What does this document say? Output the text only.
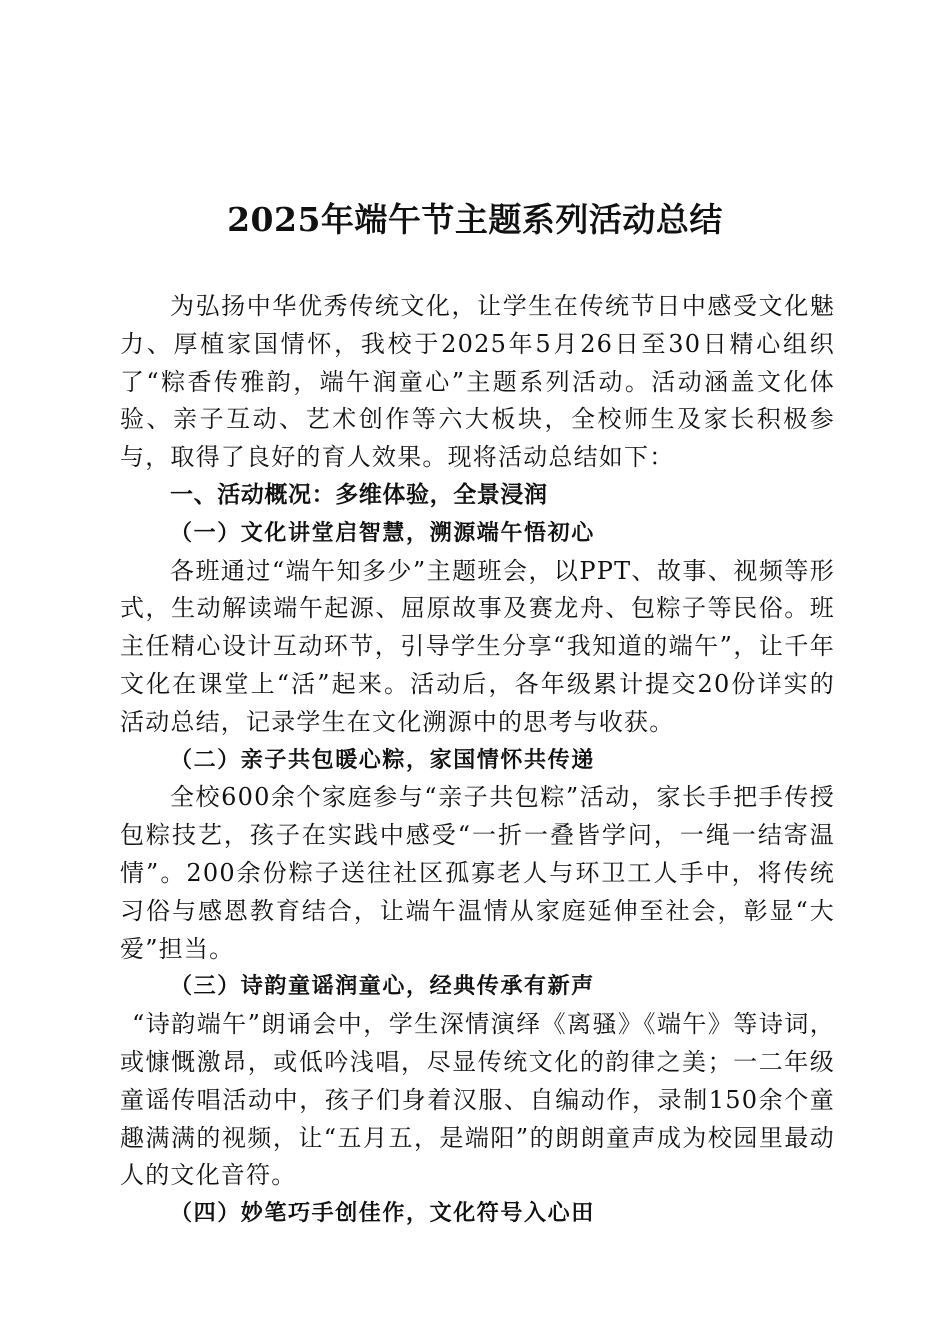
2025年端午节主题系列活动总结

为弘扬中华优秀传统文化，让学生在传统节日中感受文化魅力、厚植家国情怀，我校于2025年5月26日至30日精心组织了“粽香传雅韵，端午润童心”主题系列活动。活动涵盖文化体验、亲子互动、艺术创作等六大板块，全校师生及家长积极参与，取得了良好的育人效果。现将活动总结如下：

一、活动概况：多维体验，全景浸润

（一）文化讲堂启智慧，溯源端午悟初心

各班通过“端午知多少”主题班会，以PPT、故事、视频等形式，生动解读端午起源、屈原故事及赛龙舟、包粽子等民俗。班主任精心设计互动环节，引导学生分享“我知道的端午”，让千年文化在课堂上“活”起来。活动后，各年级累计提交20份详实的活动总结，记录学生在文化溯源中的思考与收获。

（二）亲子共包暖心粽，家国情怀共传递

全校600余个家庭参与“亲子共包粽”活动，家长手把手传授包粽技艺，孩子在实践中感受“一折一叠皆学问，一绳一结寄温情”。200余份粽子送往社区孤寡老人与环卫工人手中，将传统习俗与感恩教育结合，让端午温情从家庭延伸至社会，彰显“大爱”担当。

（三）诗韵童谣润童心，经典传承有新声

“诗韵端午”朗诵会中，学生深情演绎《离骚》《端午》等诗词，或慷慨激昂，或低吟浅唱，尽显传统文化的韵律之美；一二年级童谣传唱活动中，孩子们身着汉服、自编动作，录制150余个童趣满满的视频，让“五月五，是端阳”的朗朗童声成为校园里最动人的文化音符。

（四）妙笔巧手创佳作，文化符号入心田
